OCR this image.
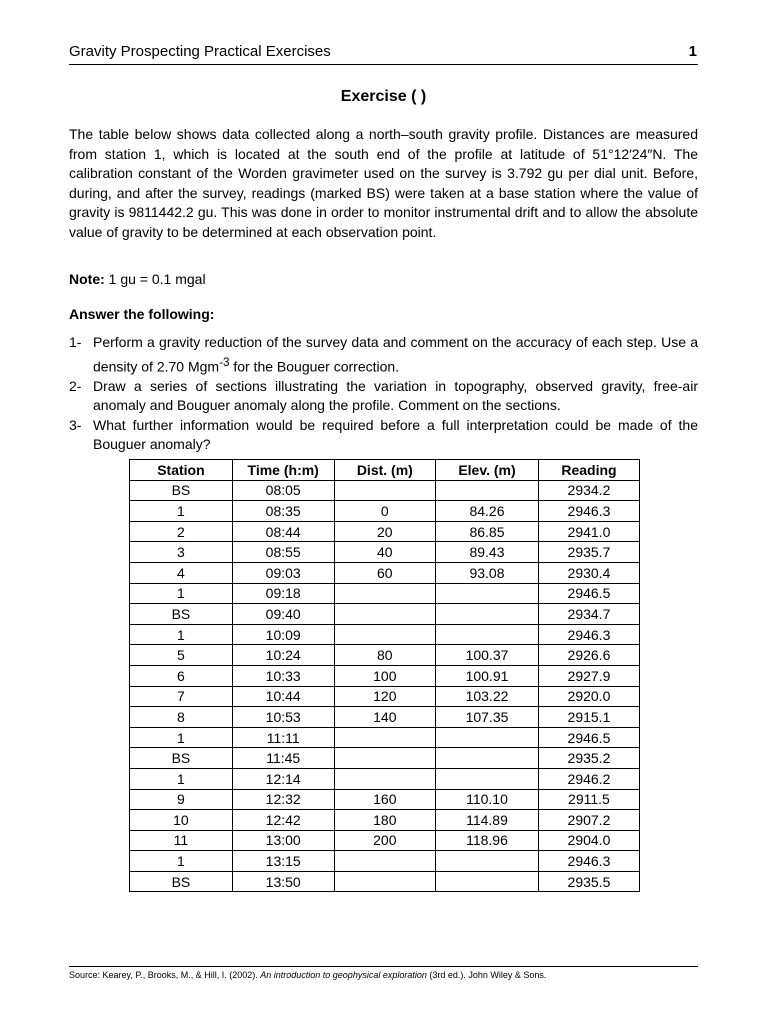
Gravity Prospecting Practical Exercises	1
Exercise ( )

The table below shows data collected along a north–south gravity profile. Distances are measured from station 1, which is located at the south end of the profile at latitude of 51°12′24″N. The calibration constant of the Worden gravimeter used on the survey is 3.792 gu per dial unit. Before, during, and after the survey, readings (marked BS) were taken at a base station where the value of gravity is 9811442.2 gu. This was done in order to monitor instrumental drift and to allow the absolute value of gravity to be determined at each observation point.

Note: 1 gu = 0.1 mgal

Answer the following:

1- Perform a gravity reduction of the survey data and comment on the accuracy of each step. Use a density of 2.70 Mgm$^{-3}$ for the Bouguer correction.
2- Draw a series of sections illustrating the variation in topography, observed gravity, free-air anomaly and Bouguer anomaly along the profile. Comment on the sections.
3- What further information would be required before a full interpretation could be made of the Bouguer anomaly?
Station	Time (h:m)	Dist. (m)	Elev. (m)	Reading
BS	08:05			2934.2
1	08:35	0	84.26	2946.3
2	08:44	20	86.85	2941.0
3	08:55	40	89.43	2935.7
4	09:03	60	93.08	2930.4
1	09:18			2946.5
BS	09:40			2934.7
1	10:09			2946.3
5	10:24	80	100.37	2926.6
6	10:33	100	100.91	2927.9
7	10:44	120	103.22	2920.0
8	10:53	140	107.35	2915.1
1	11:11			2946.5
BS	11:45			2935.2
1	12:14			2946.2
9	12:32	160	110.10	2911.5
10	12:42	180	114.89	2907.2
11	13:00	200	118.96	2904.0
1	13:15			2946.3
BS	13:50			2935.5
Source: Kearey, P., Brooks, M., & Hill, I. (2002). An introduction to geophysical exploration (3rd ed.). John Wiley & Sons.
